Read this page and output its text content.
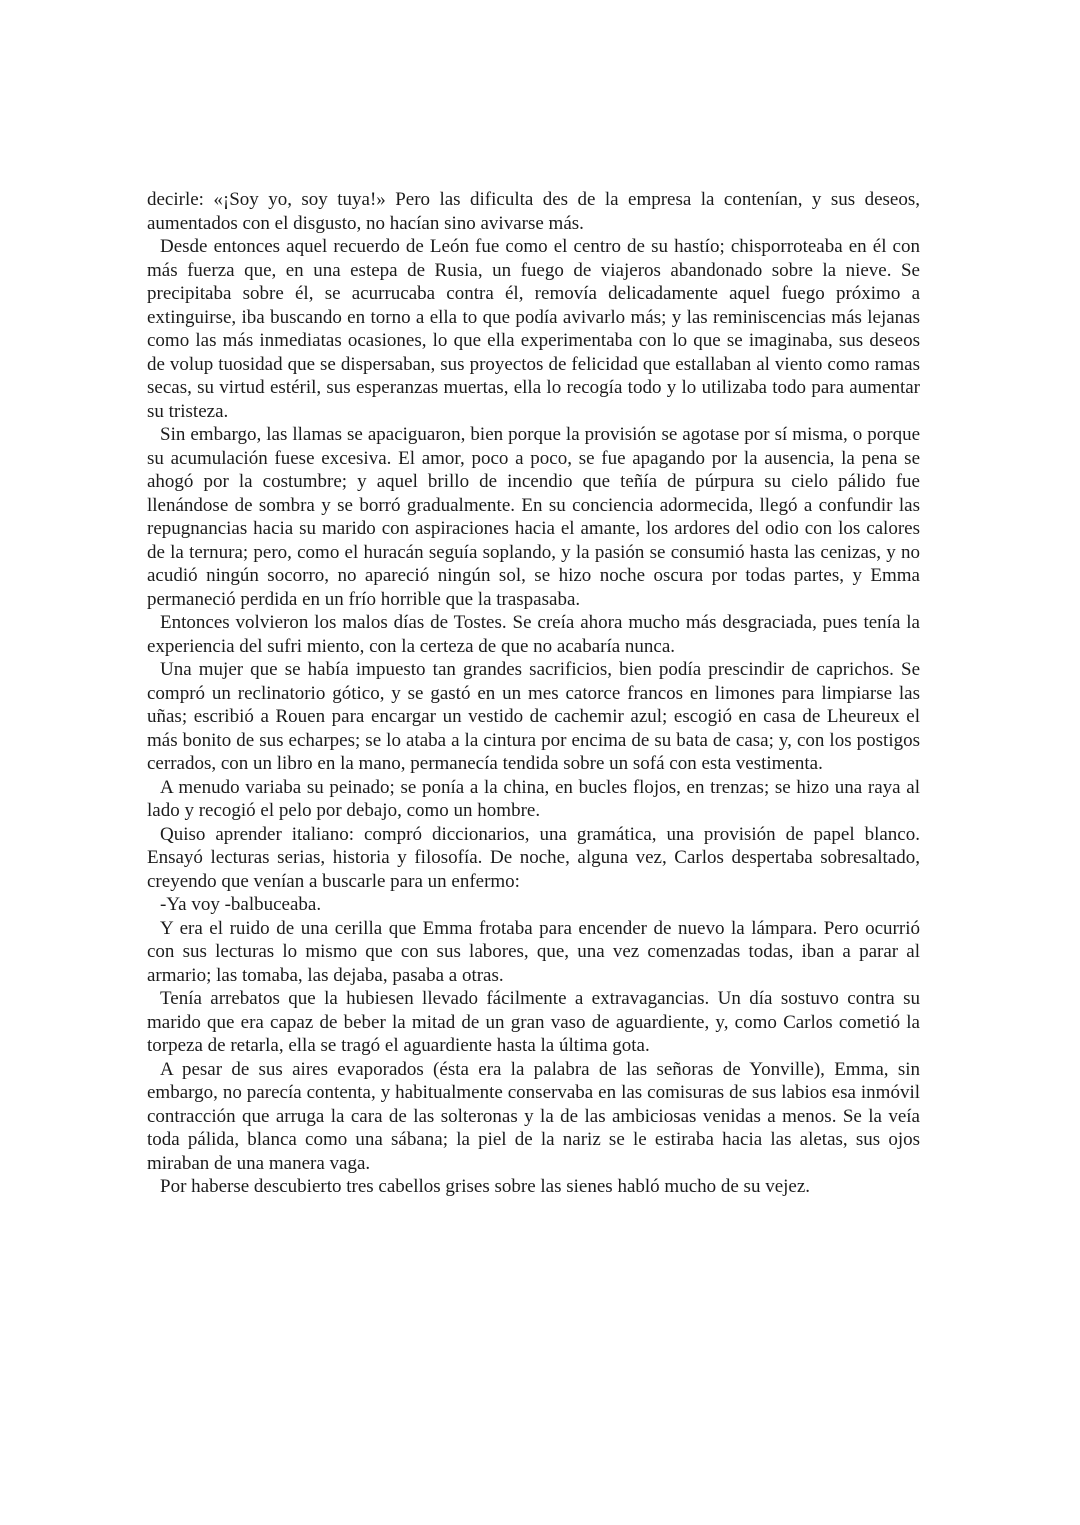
decirle: «¡Soy yo, soy tuya!» Pero las dificulta des de la empresa la contenían, y sus deseos, aumentados con el disgusto, no hacían sino avivarse más.

Desde entonces aquel recuerdo de León fue como el centro de su hastío; chisporroteaba en él con más fuerza que, en una estepa de Rusia, un fuego de viajeros abandonado sobre la nieve. Se precipitaba sobre él, se acurrucaba contra él, removía delicadamente aquel fuego próximo a extinguirse, iba buscando en torno a ella to que podía avivarlo más; y las reminiscencias más lejanas como las más inmediatas ocasiones, lo que ella experimentaba con lo que se imaginaba, sus deseos de volup tuosidad que se dispersaban, sus proyectos de felicidad que estallaban al viento como ramas secas, su virtud estéril, sus esperanzas muertas, ella lo recogía todo y lo utilizaba todo para aumentar su tristeza.

Sin embargo, las llamas se apaciguaron, bien porque la provisión se agotase por sí misma, o porque su acumulación fuese excesiva. El amor, poco a poco, se fue apagando por la ausencia, la pena se ahogó por la costumbre; y aquel brillo de incendio que teñía de púrpura su cielo pálido fue llenándose de sombra y se borró gradualmente. En su conciencia adormecida, llegó a confundir las repugnancias hacia su marido con aspiraciones hacia el amante, los ardores del odio con los calores de la ternura; pero, como el huracán seguía soplando, y la pasión se consumió hasta las cenizas, y no acudió ningún socorro, no apareció ningún sol, se hizo noche oscura por todas partes, y Emma permaneció perdida en un frío horrible que la traspasaba.

Entonces volvieron los malos días de Tostes. Se creía ahora mucho más desgraciada, pues tenía la experiencia del sufri miento, con la certeza de que no acabaría nunca.

Una mujer que se había impuesto tan grandes sacrificios, bien podía prescindir de caprichos. Se compró un reclinatorio gótico, y se gastó en un mes catorce francos en limones para limpiarse las uñas; escribió a Rouen para encargar un vestido de cachemir azul; escogió en casa de Lheureux el más bonito de sus echarpes; se lo ataba a la cintura por encima de su bata de casa; y, con los postigos cerrados, con un libro en la mano, permanecía tendida sobre un sofá con esta vestimenta.

A menudo variaba su peinado; se ponía a la china, en bucles flojos, en trenzas; se hizo una raya al lado y recogió el pelo por debajo, como un hombre.

Quiso aprender italiano: compró diccionarios, una gramática, una provisión de papel blanco. Ensayó lecturas serias, historia y filosofía. De noche, alguna vez, Carlos despertaba sobresaltado, creyendo que venían a buscarle para un enfermo:

-Ya voy -balbuceaba.

Y era el ruido de una cerilla que Emma frotaba para encender de nuevo la lámpara. Pero ocurrió con sus lecturas lo mismo que con sus labores, que, una vez comenzadas todas, iban a parar al armario; las tomaba, las dejaba, pasaba a otras.

Tenía arrebatos que la hubiesen llevado fácilmente a extravagancias. Un día sostuvo contra su marido que era capaz de beber la mitad de un gran vaso de aguardiente, y, como Carlos cometió la torpeza de retarla, ella se tragó el aguardiente hasta la última gota.

A pesar de sus aires evaporados (ésta era la palabra de las señoras de Yonville), Emma, sin embargo, no parecía contenta, y habitualmente conservaba en las comisuras de sus labios esa inmóvil contracción que arruga la cara de las solteronas y la de las ambiciosas venidas a menos. Se la veía toda pálida, blanca como una sábana; la piel de la nariz se le estiraba hacia las aletas, sus ojos miraban de una manera vaga.

Por haberse descubierto tres cabellos grises sobre las sienes habló mucho de su vejez.
